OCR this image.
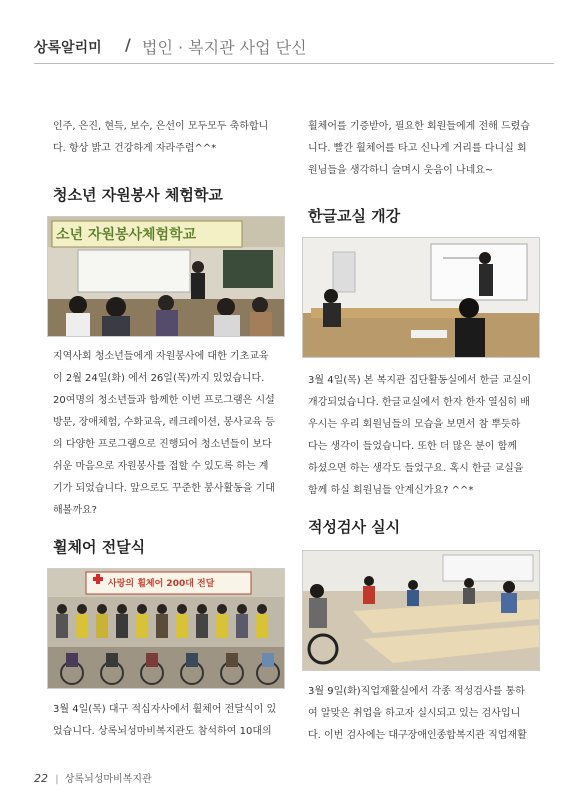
상록알리미 / 법인 · 복지관 사업 단신
인주, 은진, 현득, 보수, 은선이 모두모두 축하합니
다. 항상 밝고 건강하게 자라주렴^^*
청소년 자원봉사 체험학교
소년 자원봉사체험학교
지역사회 청소년들에게 자원봉사에 대한 기초교육
이 2월 24일(화) 에서 26일(목)까지 있었습니다.
20여명의 청소년들과 함께한 이번 프로그램은 시설
방문, 장애체험, 수화교육, 레크레이션, 봉사교육 등
의 다양한 프로그램으로 진행되어 청소년들이 보다
쉬운 마음으로 자원봉사를 접할 수 있도록 하는 계
기가 되었습니다. 앞으로도 꾸준한 봉사활동을 기대
해볼까요?
휠체어 전달식
사랑의 휠체어 200대 전달
3월 4일(목) 대구 적십자사에서 휠체어 전달식이 있
었습니다. 상록뇌성마비복지관도 참석하여 10대의
휠체어를 기증받아, 필요한 회원들에게 전해 드렸습
니다. 빨간 휠체어를 타고 신나게 거리를 다니실 회
원님들을 생각하니 슬며시 웃음이 나네요~
한글교실 개강
3월 4일(목) 본 복지관 집단활동실에서 한글 교실이
개강되었습니다. 한글교실에서 한자 한자 열심히 배
우시는 우리 회원님들의 모습을 보면서 참 뿌듯하
다는 생각이 들었습니다. 또한 더 많은 분이 함께
하셨으면 하는 생각도 들었구요. 혹시 한글 교실을
함께 하실 회원님들 안계신가요? ^^*
적성검사 실시
3월 9일(화)직업재활실에서 각종 적성검사를 통하
여 알맞은 취업을 하고자 실시되고 있는 검사입니
다. 이번 검사에는 대구장애인종합복지관 직업재활
22 | 상록뇌성마비복지관
